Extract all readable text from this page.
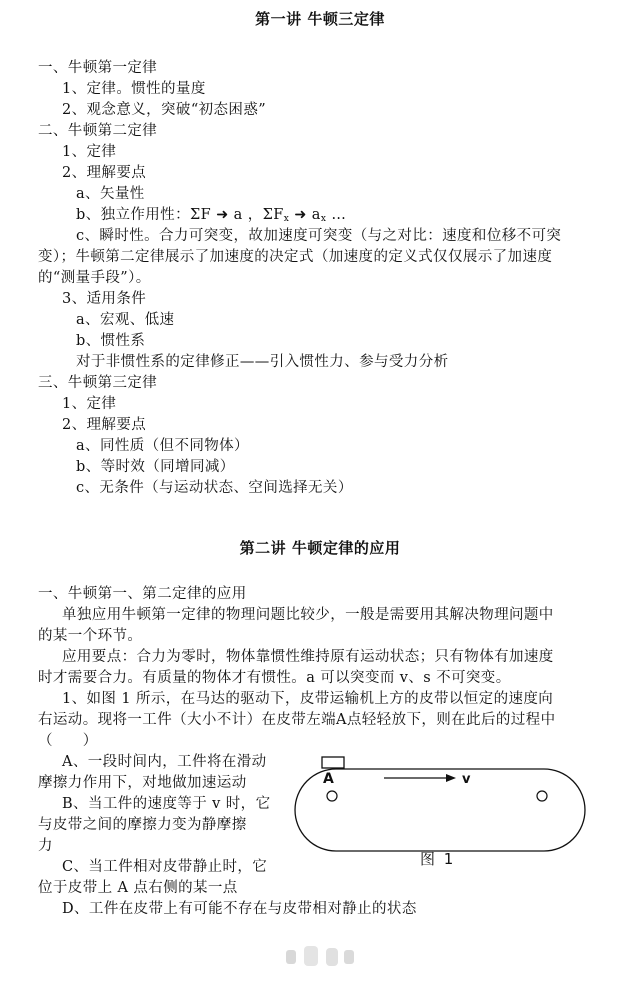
第一讲 牛顿三定律
一、牛顿第一定律
1、定律。惯性的量度
2、观念意义，突破“初态困惑”
二、牛顿第二定律
1、定律
2、理解要点
a、矢量性
b、独立作用性：ΣF ➜ a ，$\Sigma F_x$ ➜ $a_x$ …
c、瞬时性。合力可突变，故加速度可突变（与之对比：速度和位移不可突
变）；牛顿第二定律展示了加速度的决定式（加速度的定义式仅仅展示了加速度
的“测量手段”）。
3、适用条件
a、宏观、低速
b、惯性系
对于非惯性系的定律修正——引入惯性力、参与受力分析
三、牛顿第三定律
1、定律
2、理解要点
a、同性质（但不同物体）
b、等时效（同增同减）
c、无条件（与运动状态、空间选择无关）
第二讲 牛顿定律的应用
一、牛顿第一、第二定律的应用
单独应用牛顿第一定律的物理问题比较少，一般是需要用其解决物理问题中
的某一个环节。
应用要点：合力为零时，物体靠惯性维持原有运动状态；只有物体有加速度
时才需要合力。有质量的物体才有惯性。a 可以突变而 v、s 不可突变。
1、如图 1 所示，在马达的驱动下，皮带运输机上方的皮带以恒定的速度向
右运动。现将一工件（大小不计）在皮带左端A点轻轻放下，则在此后的过程中
（　　）
A、一段时间内，工件将在滑动
摩擦力作用下，对地做加速运动
B、当工件的速度等于 v 时，它
与皮带之间的摩擦力变为静摩擦
力
C、当工件相对皮带静止时，它
位于皮带上 A 点右侧的某一点
D、工件在皮带上有可能不存在与皮带相对静止的状态
A	v
图 1
